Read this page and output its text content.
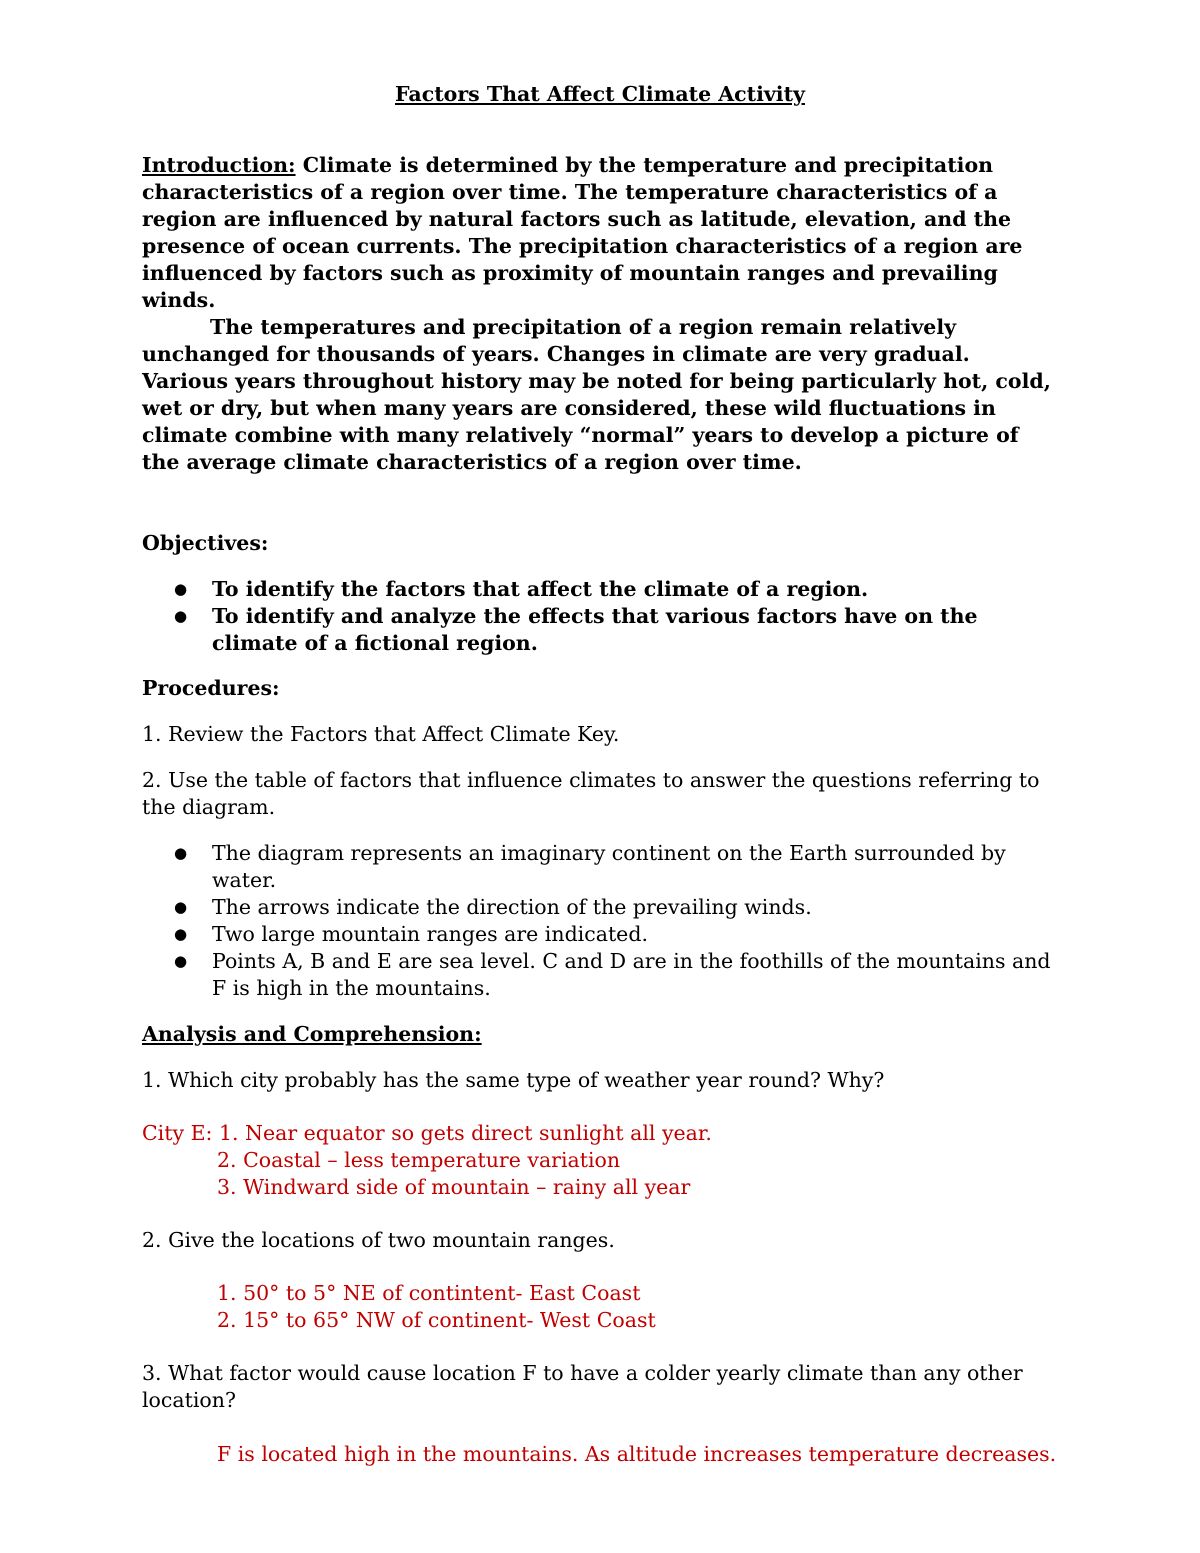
Factors That Affect Climate Activity

Introduction: Climate is determined by the temperature and precipitation characteristics of a region over time. The temperature characteristics of a region are influenced by natural factors such as latitude, elevation, and the presence of ocean currents. The precipitation characteristics of a region are influenced by factors such as proximity of mountain ranges and prevailing winds.

The temperatures and precipitation of a region remain relatively unchanged for thousands of years. Changes in climate are very gradual. Various years throughout history may be noted for being particularly hot, cold, wet or dry, but when many years are considered, these wild fluctuations in climate combine with many relatively “normal” years to develop a picture of the average climate characteristics of a region over time.

Objectives:
● To identify the factors that affect the climate of a region.
● To identify and analyze the effects that various factors have on the climate of a fictional region.
Procedures:
1. Review the Factors that Affect Climate Key.
2. Use the table of factors that influence climates to answer the questions referring to the diagram.
● The diagram represents an imaginary continent on the Earth surrounded by water.
● The arrows indicate the direction of the prevailing winds.
● Two large mountain ranges are indicated.
● Points A, B and E are sea level. C and D are in the foothills of the mountains and F is high in the mountains.
Analysis and Comprehension:
1. Which city probably has the same type of weather year round? Why?
City E: 1. Near equator so gets direct sunlight all year.
2. Coastal – less temperature variation
3. Windward side of mountain – rainy all year
2. Give the locations of two mountain ranges.
1. 50° to 5° NE of contintent- East Coast
2. 15° to 65° NW of continent- West Coast
3. What factor would cause location F to have a colder yearly climate than any other location?
F is located high in the mountains. As altitude increases temperature decreases.
